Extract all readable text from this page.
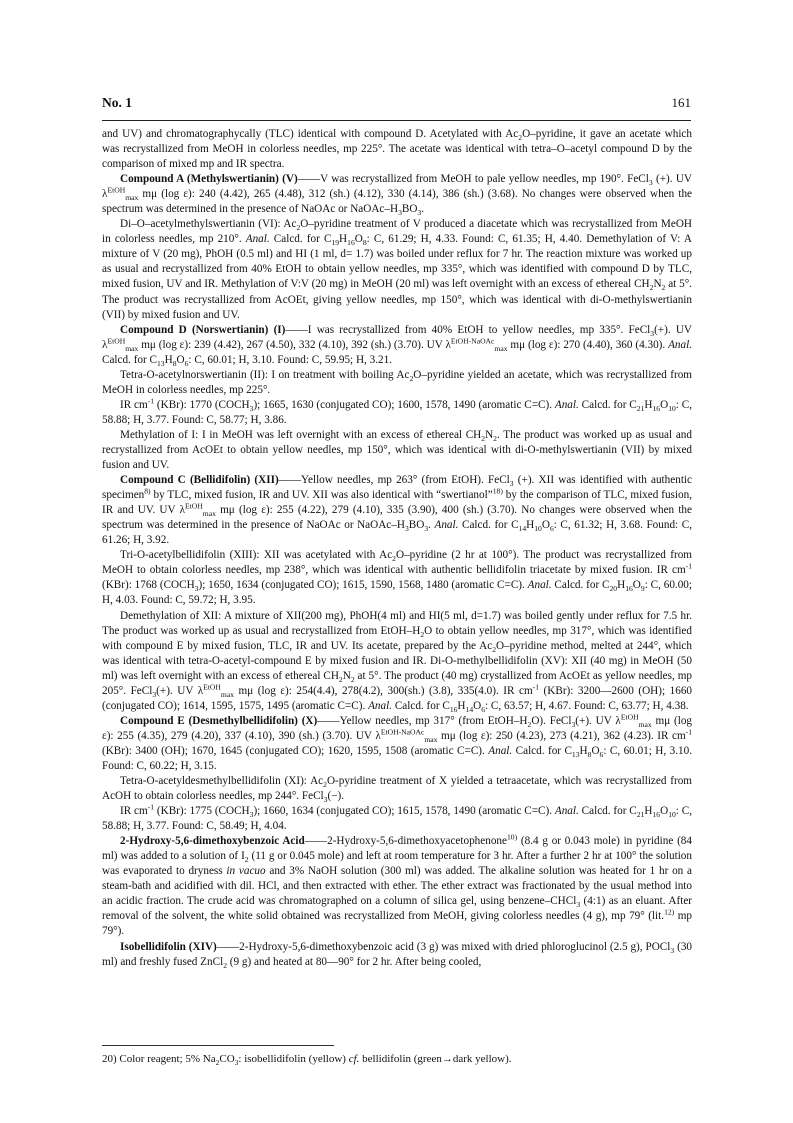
No. 1	161

and UV) and chromatographycally (TLC) identical with compound D. Acetylated with $Ac_2O$–pyridine, it gave an acetate which was recrystallized from MeOH in colorless needles, mp 225°. The acetate was identical with tetra–O–acetyl compound D by the comparison of mixed mp and IR spectra.

Compound A (Methylswertianin) (V)——V was recrystallized from MeOH to pale yellow needles, mp 190°. FeCl$_3$ (+). UV $\lambda^{EtOH}_{max}$ mμ (log ε): 240 (4.42), 265 (4.48), 312 (sh.) (4.12), 330 (4.14), 386 (sh.) (3.68). No changes were observed when the spectrum was determined in the presence of NaOAc or NaOAc–$H_3BO_3$.

Di–O–acetylmethylswertianin (VI): $Ac_2O$–pyridine treatment of V produced a diacetate which was recrystallized from MeOH in colorless needles, mp 210°. Anal. Calcd. for $C_{19}H_{16}O_8$: C, 61.29; H, 4.33. Found: C, 61.35; H, 4.40. Demethylation of V: A mixture of V (20 mg), PhOH (0.5 ml) and HI (1 ml, d= 1.7) was boiled under reflux for 7 hr. The reaction mixture was worked up as usual and recrystallized from 40% EtOH to obtain yellow needles, mp 335°, which was identified with compound D by TLC, mixed fusion, UV and IR. Methylation of V:V (20 mg) in MeOH (20 ml) was left overnight with an excess of ethereal $CH_2N_2$ at 5°. The product was recrystallized from AcOEt, giving yellow needles, mp 150°, which was identical with di-O-methylswertianin (VII) by mixed fusion and UV.

Compound D (Norswertianin) (I)——I was recrystallized from 40% EtOH to yellow needles, mp 335°. FeCl$_3$(+). UV $\lambda^{EtOH}_{max}$ mμ (log ε): 239 (4.42), 267 (4.50), 332 (4.10), 392 (sh.) (3.70). UV $\lambda^{EtOH-NaOAc}_{max}$ mμ (log ε): 270 (4.40), 360 (4.30). Anal. Calcd. for $C_{13}H_8O_6$: C, 60.01; H, 3.10. Found: C, 59.95; H, 3.21.

Tetra-O-acetylnorswertianin (II): I on treatment with boiling $Ac_2O$–pyridine yielded an acetate, which was recrystallized from MeOH in colorless needles, mp 225°.

IR $cm^{-1}$ (KBr): 1770 $(COCH_3)$; 1665, 1630 (conjugated CO); 1600, 1578, 1490 (aromatic C=C). Anal. Calcd. for $C_{21}H_{16}O_{10}$: C, 58.88; H, 3.77. Found: C, 58.77; H, 3.86.

Methylation of I: I in MeOH was left overnight with an excess of ethereal $CH_2N_2$. The product was worked up as usual and recrystallized from AcOEt to obtain yellow needles, mp 150°, which was identical with di-O-methylswertianin (VII) by mixed fusion and UV.

Compound C (Bellidifolin) (XII)——Yellow needles, mp 263° (from EtOH). FeCl$_3$ (+). XII was identified with authentic specimen$^{8)}$ by TLC, mixed fusion, IR and UV. XII was also identical with “swertianol”$^{18)}$ by the comparison of TLC, mixed fusion, IR and UV. UV $\lambda^{EtOH}_{max}$ mμ (log ε): 255 (4.22), 279 (4.10), 335 (3.90), 400 (sh.) (3.70). No changes were observed when the spectrum was determined in the presence of NaOAc or NaOAc–$H_3BO_3$. Anal. Calcd. for $C_{14}H_{10}O_6$: C, 61.32; H, 3.68. Found: C, 61.26; H, 3.92.

Tri-O-acetylbellidifolin (XIII): XII was acetylated with $Ac_2O$–pyridine (2 hr at 100°). The product was recrystallized from MeOH to obtain colorless needles, mp 238°, which was identical with authentic bellidifolin triacetate by mixed fusion. IR $cm^{-1}$ (KBr): 1768 $(COCH_3)$; 1650, 1634 (conjugated CO); 1615, 1590, 1568, 1480 (aromatic C=C). Anal. Calcd. for $C_{20}H_{16}O_9$: C, 60.00; H, 4.03. Found: C, 59.72; H, 3.95.

Demethylation of XII: A mixture of XII(200 mg), PhOH(4 ml) and HI(5 ml, d=1.7) was boiled gently under reflux for 7.5 hr. The product was worked up as usual and recrystallized from EtOH–$H_2O$ to obtain yellow needles, mp 317°, which was identified with compound E by mixed fusion, TLC, IR and UV. Its acetate, prepared by the $Ac_2O$–pyridine method, melted at 244°, which was identical with tetra-O-acetyl-compound E by mixed fusion and IR. Di-O-methylbellidifolin (XV): XII (40 mg) in MeOH (50 ml) was left overnight with an excess of ethereal $CH_2N_2$ at 5°. The product (40 mg) crystallized from AcOEt as yellow needles, mp 205°. FeCl$_3$(+). UV $\lambda^{EtOH}_{max}$ mμ (log ε): 254(4.4), 278(4.2), 300(sh.) (3.8), 335(4.0). IR $cm^{-1}$ (KBr): 3200—2600 (OH); 1660 (conjugated CO); 1614, 1595, 1575, 1495 (aromatic C=C). Anal. Calcd. for $C_{16}H_{14}O_6$: C, 63.57; H, 4.67. Found: C, 63.77; H, 4.38.

Compound E (Desmethylbellidifolin) (X)——Yellow needles, mp 317° (from EtOH–$H_2O$). FeCl$_3$(+). UV $\lambda^{EtOH}_{max}$ mμ (log ε): 255 (4.35), 279 (4.20), 337 (4.10), 390 (sh.) (3.70). UV $\lambda^{EtOH-NaOAc}_{max}$ mμ (log ε): 250 (4.23), 273 (4.21), 362 (4.23). IR $cm^{-1}$ (KBr): 3400 (OH); 1670, 1645 (conjugated CO); 1620, 1595, 1508 (aromatic C=C). Anal. Calcd. for $C_{13}H_8O_6$: C, 60.01; H, 3.10. Found: C, 60.22; H, 3.15.

Tetra-O-acetyldesmethylbellidifolin (XI): $Ac_2O$-pyridine treatment of X yielded a tetraacetate, which was recrystallized from AcOH to obtain colorless needles, mp 244°. FeCl$_3$(−).

IR $cm^{-1}$ (KBr): 1775 $(COCH_3)$; 1660, 1634 (conjugated CO); 1615, 1578, 1490 (aromatic C=C). Anal. Calcd. for $C_{21}H_{16}O_{10}$: C, 58.88; H, 3.77. Found: C, 58.49; H, 4.04.

2-Hydroxy-5,6-dimethoxybenzoic Acid——2-Hydroxy-5,6-dimethoxyacetophenone$^{10)}$ (8.4 g or 0.043 mole) in pyridine (84 ml) was added to a solution of $I_2$ (11 g or 0.045 mole) and left at room temperature for 3 hr. After a further 2 hr at 100° the solution was evaporated to dryness in vacuo and 3% NaOH solution (300 ml) was added. The alkaline solution was heated for 1 hr on a steam-bath and acidified with dil. HCl, and then extracted with ether. The ether extract was fractionated by the usual method into an acidic fraction. The crude acid was chromatographed on a column of silica gel, using benzene–CHCl$_3$ (4:1) as an eluant. After removal of the solvent, the white solid obtained was recrystallized from MeOH, giving colorless needles (4 g), mp 79° (lit.$^{12)}$ mp 79°).

Isobellidifolin (XIV)——2-Hydroxy-5,6-dimethoxybenzoic acid (3 g) was mixed with dried phloroglucinol (2.5 g), POCl$_3$ (30 ml) and freshly fused ZnCl$_2$ (9 g) and heated at 80—90° for 2 hr. After being cooled,

20) Color reagent; 5% $Na_2CO_3$: isobellidifolin (yellow) cf. bellidifolin (green→dark yellow).
